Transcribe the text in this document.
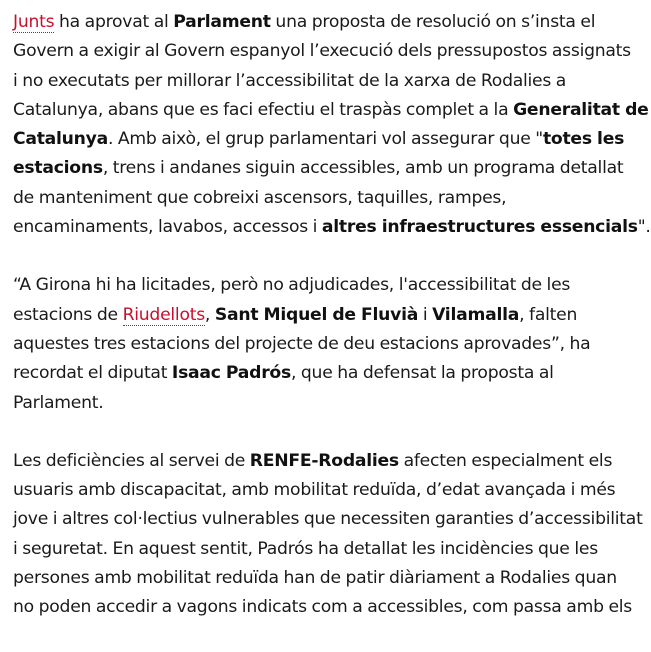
Junts ha aprovat al Parlament una proposta de resolució on s’insta el
Govern a exigir al Govern espanyol l’execució dels pressupostos assignats
i no executats per millorar l’accessibilitat de la xarxa de Rodalies a
Catalunya, abans que es faci efectiu el traspàs complet a la Generalitat de
Catalunya. Amb això, el grup parlamentari vol assegurar que "totes les
estacions, trens i andanes siguin accessibles, amb un programa detallat
de manteniment que cobreixi ascensors, taquilles, rampes,
encaminaments, lavabos, accessos i altres infraestructures essencials".

“A Girona hi ha licitades, però no adjudicades, l'accessibilitat de les
estacions de Riudellots, Sant Miquel de Fluvià i Vilamalla, falten
aquestes tres estacions del projecte de deu estacions aprovades”, ha
recordat el diputat Isaac Padrós, que ha defensat la proposta al
Parlament.

Les deficiències al servei de RENFE-Rodalies afecten especialment els
usuaris amb discapacitat, amb mobilitat reduïda, d’edat avançada i més
jove i altres col·lectius vulnerables que necessiten garanties d’accessibilitat
i seguretat. En aquest sentit, Padrós ha detallat les incidències que les
persones amb mobilitat reduïda han de patir diàriament a Rodalies quan
no poden accedir a vagons indicats com a accessibles, com passa amb els
